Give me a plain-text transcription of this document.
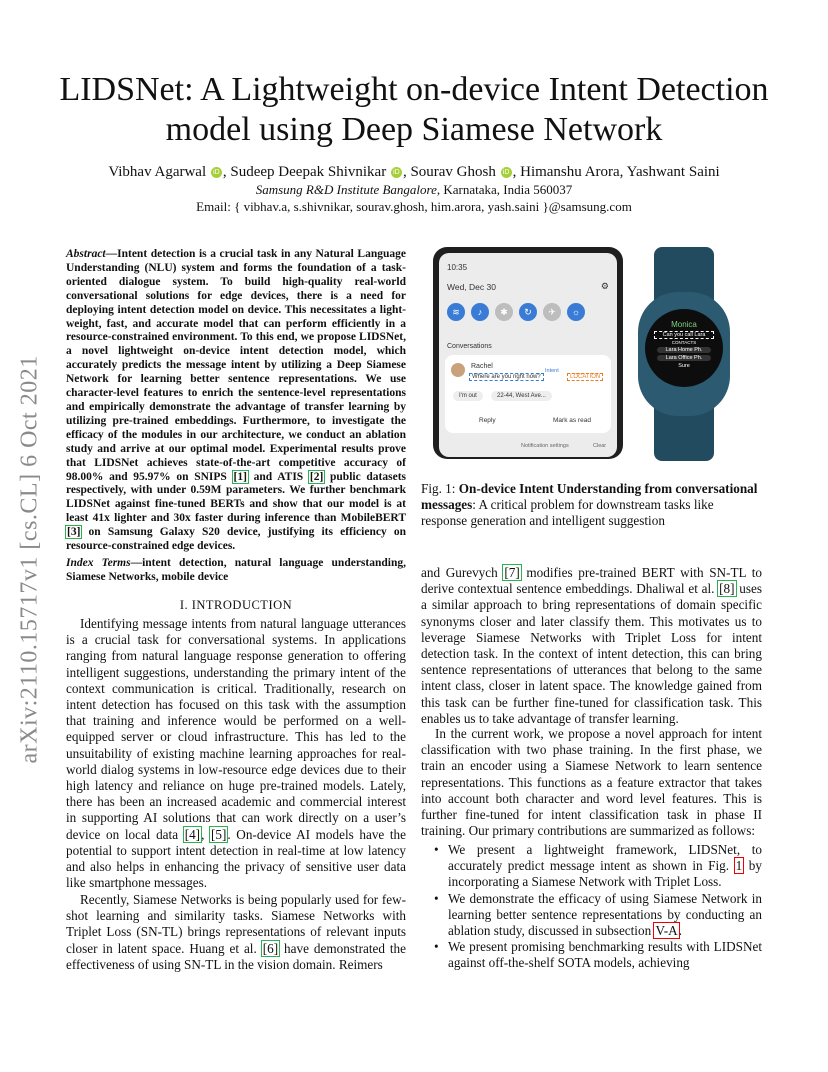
arXiv:2110.15717v1 [cs.CL] 6 Oct 2021
LIDSNet: A Lightweight on-device Intent Detection model using Deep Siamese Network
Vibhav Agarwal iD , Sudeep Deepak Shivnikar iD , Sourav Ghosh iD , Himanshu Arora, Yashwant Saini
Samsung R&D Institute Bangalore, Karnataka, India 560037
Email: { vibhav.a, s.shivnikar, sourav.ghosh, him.arora, yash.saini }@samsung.com
Abstract—Intent detection is a crucial task in any Natural Language Understanding (NLU) system and forms the foundation of a task-oriented dialogue system. To build high-quality real-world conversational solutions for edge devices, there is a need for deploying intent detection model on device. This necessitates a light-weight, fast, and accurate model that can perform efficiently in a resource-constrained environment. To this end, we propose LIDSNet, a novel lightweight on-device intent detection model, which accurately predicts the message intent by utilizing a Deep Siamese Network for learning better sentence representations. We use character-level features to enrich the sentence-level representations and empirically demonstrate the advantage of transfer learning by utilizing pre-trained embeddings. Furthermore, to investigate the efficacy of the modules in our architecture, we conduct an ablation study and arrive at our optimal model. Experimental results prove that LIDSNet achieves state-of-the-art competitive accuracy of 98.00% and 95.97% on SNIPS [1] and ATIS [2] public datasets respectively, with under 0.59M parameters. We further benchmark LIDSNet against fine-tuned BERTs and show that our model is at least 41x lighter and 30x faster during inference than MobileBERT [3] on Samsung Galaxy S20 device, justifying its efficiency on resource-constrained edge devices.
Index Terms—intent detection, natural language understanding, Siamese Networks, mobile device
I. INTRODUCTION
Identifying message intents from natural language utterances is a crucial task for conversational systems. In applications ranging from natural language response generation to offering intelligent suggestions, understanding the primary intent of the context communication is critical. Traditionally, research on intent detection has focused on this task with the assumption that training and inference would be performed on a well-equipped server or cloud infrastructure. This has led to the unsuitability of existing machine learning approaches for real-world dialog systems in low-resource edge devices due to their high latency and reliance on huge pre-trained models. Lately, there has been an increased academic and commercial interest in supporting AI solutions that can work directly on a user’s device on local data [4], [5]. On-device AI models have the potential to support intent detection in real-time at low latency and also helps in enhancing the privacy of sensitive user data like smartphone messages.
Recently, Siamese Networks is being popularly used for few-shot learning and similarity tasks. Siamese Networks with Triplet Loss (SN-TL) brings representations of relevant inputs closer in latent space. Huang et al. [6] have demonstrated the effectiveness of using SN-TL in the vision domain. Reimers
10:35
Wed, Dec 30	⚙
≋ ♪ ✱ ↻ ✈ ☼
Conversations
Rachel
Where are you right now?
Intent
LOCATION
I'm out	22-44, West Ave...
Reply	Mark as read
Notification settings	Clear
Monica
Can you call Lara
CONTACTS
Lara Home Ph.
Lara Office Ph.
Sure
Fig. 1: On-device Intent Understanding from conversational messages: A critical problem for downstream tasks like response generation and intelligent suggestion
and Gurevych [7] modifies pre-trained BERT with SN-TL to derive contextual sentence embeddings. Dhaliwal et al. [8] uses a similar approach to bring representations of domain specific synonyms closer and later classify them. This motivates us to leverage Siamese Networks with Triplet Loss for intent detection task. In the context of intent detection, this can bring sentence representations of utterances that belong to the same intent class, closer in latent space. The knowledge gained from this task can be further fine-tuned for classification task. This enables us to take advantage of transfer learning.
In the current work, we propose a novel approach for intent classification with two phase training. In the first phase, we train an encoder using a Siamese Network to learn sentence representations. This functions as a feature extractor that takes into account both character and word level features. This is further fine-tuned for intent classification task in phase II training. Our primary contributions are summarized as follows:
• We present a lightweight framework, LIDSNet, to accurately predict message intent as shown in Fig. 1 by incorporating a Siamese Network with Triplet Loss.
• We demonstrate the efficacy of using Siamese Network in learning better sentence representations by conducting an ablation study, discussed in subsection V-A.
• We present promising benchmarking results with LIDSNet against off-the-shelf SOTA models, achieving
